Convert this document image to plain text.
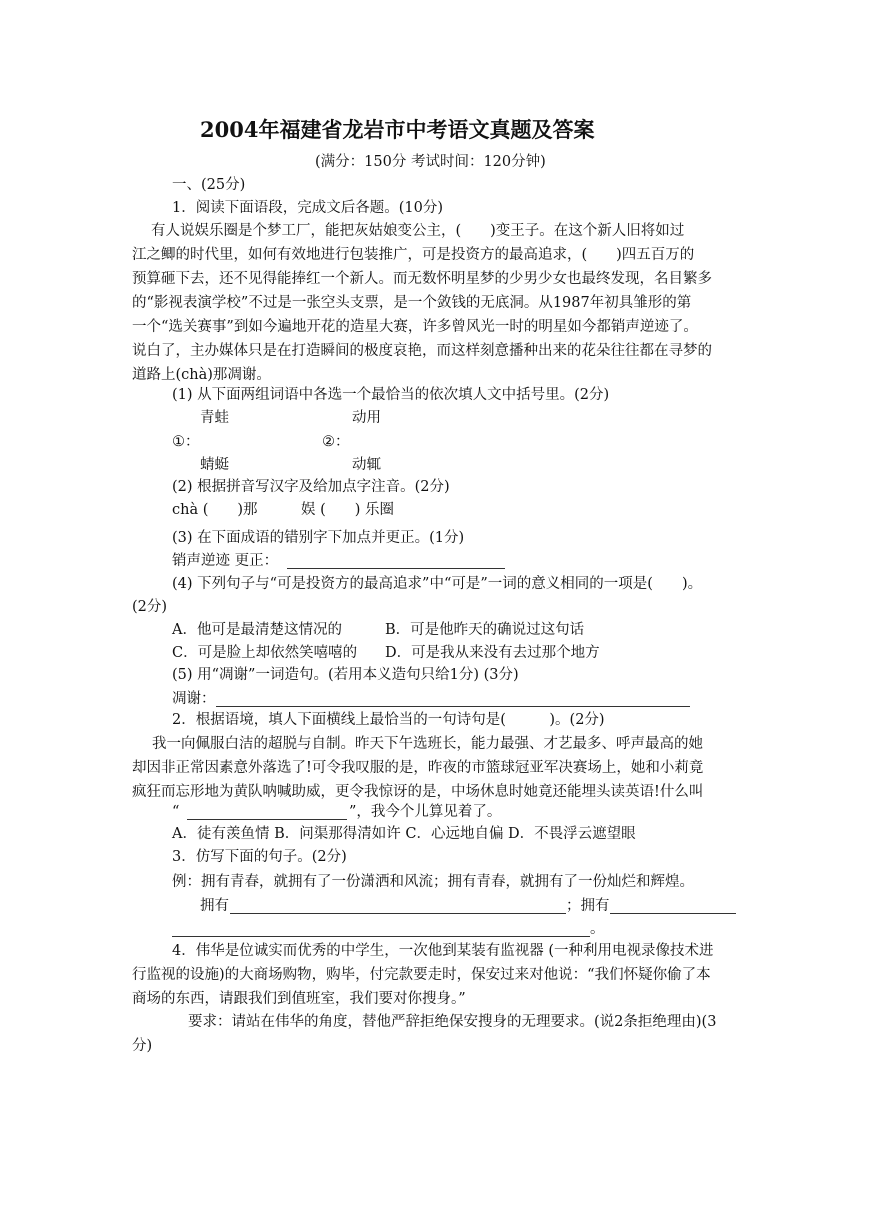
2004年福建省龙岩市中考语文真题及答案
(满分：150分 考试时间：120分钟)
一、(25分)
1．阅读下面语段，完成文后各题。(10分)
有人说娱乐圈是个梦工厂，能把灰姑娘变公主，(　　)变王子。在这个新人旧将如过
江之鲫的时代里，如何有效地进行包装推广，可是投资方的最高追求，(　　)四五百万的
预算砸下去，还不见得能捧红一个新人。而无数怀明星梦的少男少女也最终发现，名目繁多
的“影视表演学校”不过是一张空头支票，是一个敛钱的无底洞。从1987年初具雏形的第
一个“选关赛事”到如今遍地开花的造星大赛，许多曾风光一时的明星如今都销声逆迹了。
说白了，主办媒体只是在打造瞬间的极度哀艳，而这样刻意播种出来的花朵往往都在寻梦的
道路上(chà)那凋谢。
(1) 从下面两组词语中各选一个最恰当的依次填人文中括号里。(2分)
青蛙	动用
①：	②：
蜻蜓	动辄
(2) 根据拼音写汉字及给加点字注音。(2分)
chà (　　)那　　　娱 (　　) 乐圈
(3) 在下面成语的错别字下加点并更正。(1分)
销声逆迹 更正：
(4) 下列句子与“可是投资方的最高追求”中“可是”一词的意义相同的一项是(　　)。
(2分)
A．他可是最清楚这情况的	B．可是他昨天的确说过这句话
C．可是脸上却依然笑嘻嘻的 D．可是我从来没有去过那个地方
(5) 用“凋谢”一词造句。(若用本义造句只给1分) (3分)
凋谢：
2．根据语境，填人下面横线上最恰当的一句诗句是(　　　)。(2分)
我一向佩服白洁的超脱与自制。昨天下午选班长，能力最强、才艺最多、呼声最高的她
却因非正常因素意外落选了!可令我叹服的是，昨夜的市篮球冠亚军决赛场上，她和小莉竟
疯狂而忘形地为黄队呐喊助威，更令我惊讶的是，中场休息时她竟还能埋头读英语!什么叫
“	”，我今个儿算见着了。
A．徒有羡鱼情 B．问渠那得清如许 C．心远地自偏 D．不畏浮云遮望眼
3．仿写下面的句子。(2分)
例：拥有青春，就拥有了一份潇洒和风流；拥有青春，就拥有了一份灿烂和辉煌。
拥有	；拥有
。
4．伟华是位诚实而优秀的中学生，一次他到某装有监视器 (一种利用电视录像技术进
行监视的设施)的大商场购物，购毕，付完款要走时，保安过来对他说：“我们怀疑你偷了本
商场的东西，请跟我们到值班室，我们要对你搜身。”
要求：请站在伟华的角度，替他严辞拒绝保安搜身的无理要求。(说2条拒绝理由)(3
分)
